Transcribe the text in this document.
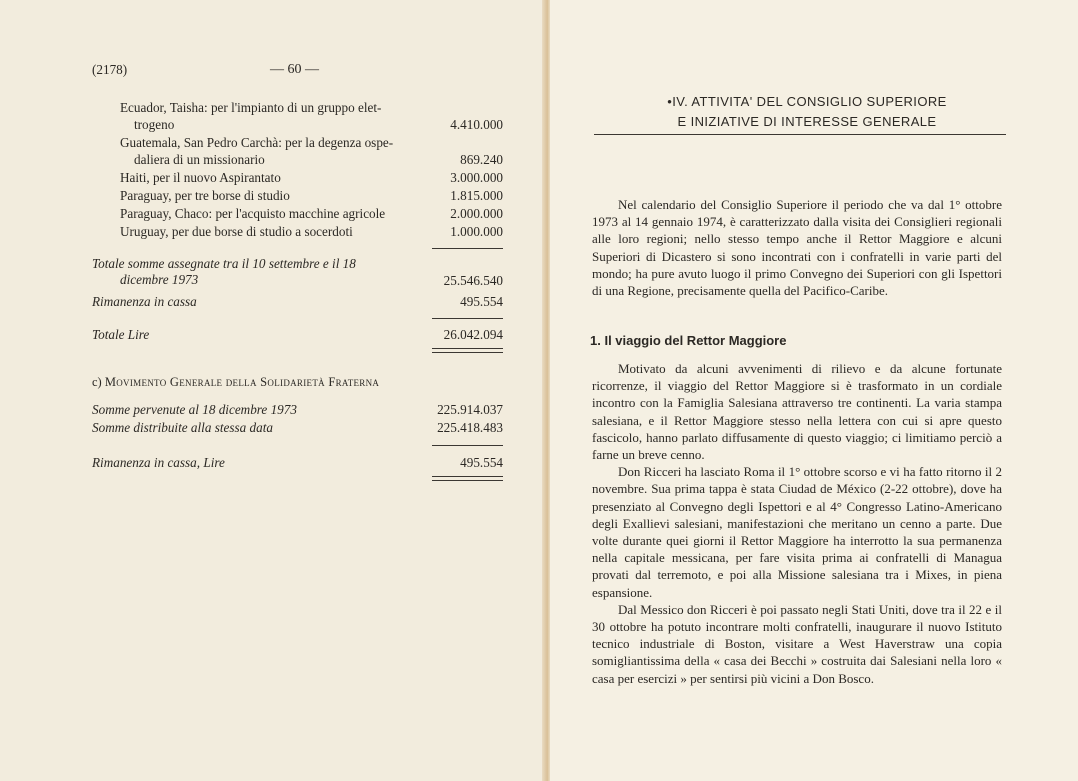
(2178)	— 60 —
Ecuador, Taisha: per l'impianto di un gruppo elet-
trogeno	4.410.000
Guatemala, San Pedro Carchà: per la degenza ospe-
daliera di un missionario	869.240
Haiti, per il nuovo Aspirantato	3.000.000
Paraguay, per tre borse di studio	1.815.000
Paraguay, Chaco: per l'acquisto macchine agricole	2.000.000
Uruguay, per due borse di studio a socerdoti	1.000.000
Totale somme assegnate tra il 10 settembre e il 18
dicembre 1973	25.546.540
Rimanenza in cassa	495.554
Totale Lire	26.042.094
c) Movimento Generale della Solidarietà Fraterna
Somme pervenute al 18 dicembre 1973	225.914.037
Somme distribuite alla stessa data	225.418.483
Rimanenza in cassa, Lire	495.554
•IV. ATTIVITA' DEL CONSIGLIO SUPERIORE
E INIZIATIVE DI INTERESSE GENERALE

Nel calendario del Consiglio Superiore il periodo che va dal 1° ottobre 1973 al 14 gennaio 1974, è caratterizzato dalla visita dei Consiglieri regionali alle loro regioni; nello stesso tempo anche il Rettor Maggiore e alcuni Superiori di Dicastero si sono incontrati con i confratelli in varie parti del mondo; ha pure avuto luogo il primo Convegno dei Superiori con gli Ispettori di una Regione, precisamente quella del Pacifico-Caribe.

1. Il viaggio del Rettor Maggiore

Motivato da alcuni avvenimenti di rilievo e da alcune fortunate ricorrenze, il viaggio del Rettor Maggiore si è trasformato in un cordiale incontro con la Famiglia Salesiana attraverso tre continenti. La varia stampa salesiana, e il Rettor Maggiore stesso nella lettera con cui si apre questo fascicolo, hanno parlato diffusamente di questo viaggio; ci limitiamo perciò a farne un breve cenno.

Don Ricceri ha lasciato Roma il 1° ottobre scorso e vi ha fatto ritorno il 2 novembre. Sua prima tappa è stata Ciudad de México (2-22 ottobre), dove ha presenziato al Convegno degli Ispettori e al 4° Congresso Latino-Americano degli Exallievi salesiani, manifestazioni che meritano un cenno a parte. Due volte durante quei giorni il Rettor Maggiore ha interrotto la sua permanenza nella capitale messicana, per fare visita prima ai confratelli di Managua provati dal terremoto, e poi alla Missione salesiana tra i Mixes, in piena espansione.

Dal Messico don Ricceri è poi passato negli Stati Uniti, dove tra il 22 e il 30 ottobre ha potuto incontrare molti confratelli, inaugurare il nuovo Istituto tecnico industriale di Boston, visitare a West Haverstraw una copia somigliantissima della « casa dei Becchi » costruita dai Salesiani nella loro « casa per esercizi » per sentirsi più vicini a Don Bosco.
